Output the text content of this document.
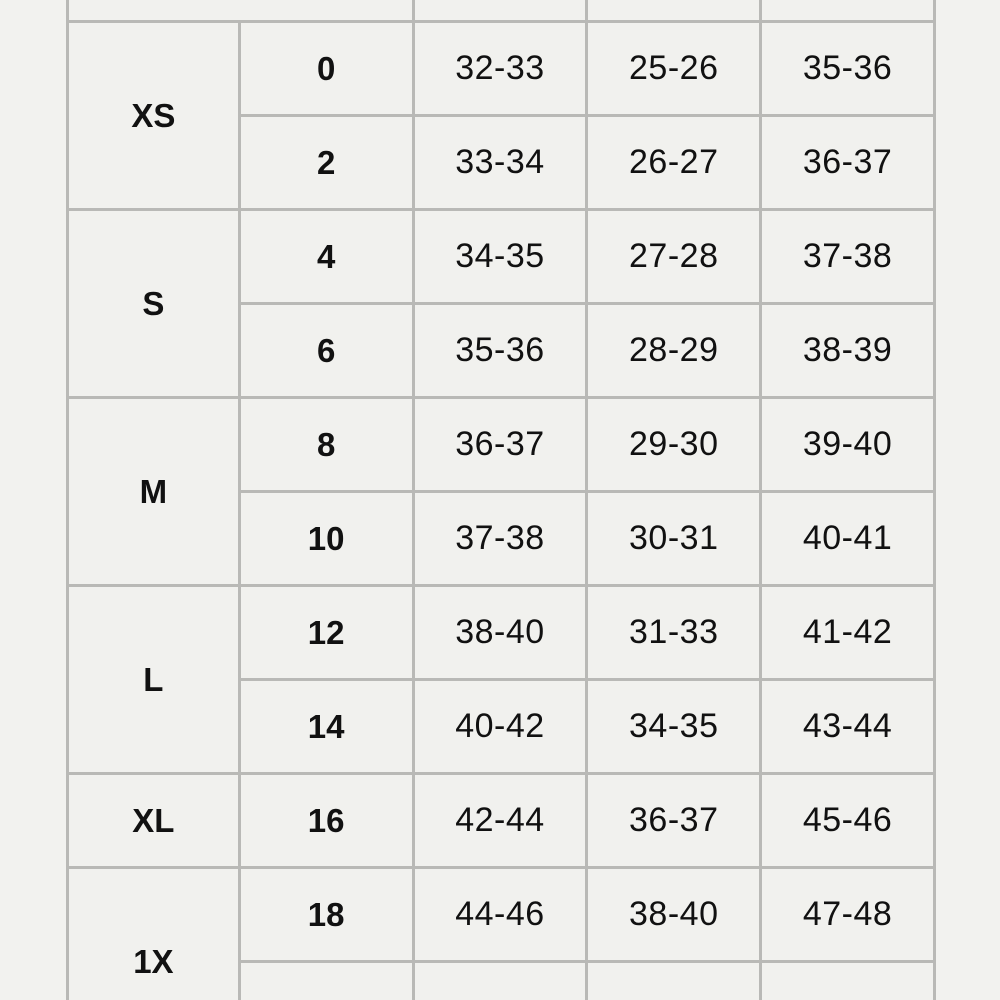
XS	0	32-33	25-26	35-36
	2	33-34	26-27	36-37
S	4	34-35	27-28	37-38
	6	35-36	28-29	38-39
M	8	36-37	29-30	39-40
	10	37-38	30-31	40-41
L	12	38-40	31-33	41-42
	14	40-42	34-35	43-44
XL	16	42-44	36-37	45-46
1X	18	44-46	38-40	47-48
